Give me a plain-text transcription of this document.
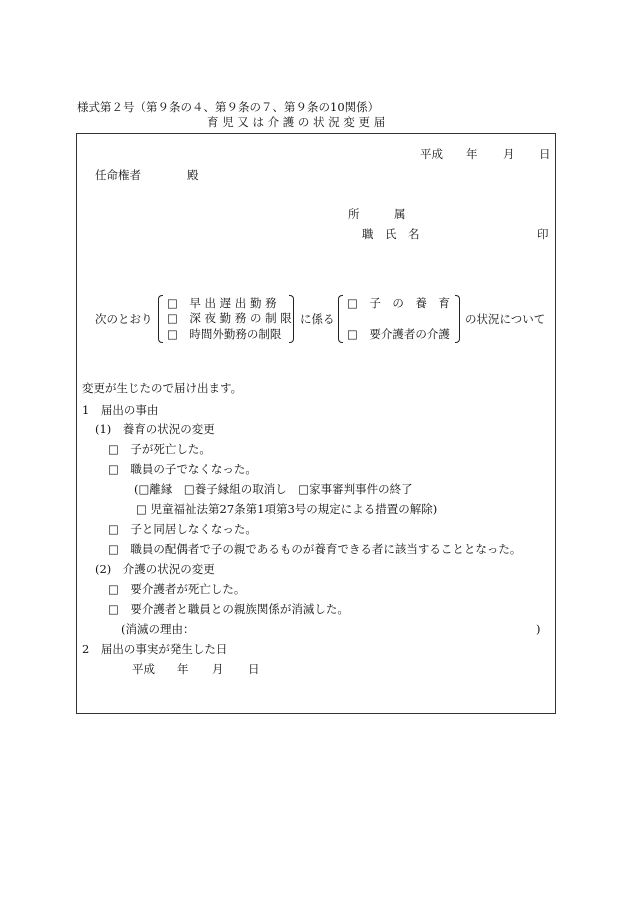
様式第２号（第９条の４、第９条の７、第９条の10関係）
育 児 又 は 介 護 の 状 況 変 更 届
平成 年 月 日
任命権者	殿
所　　　属
職　氏　名	印
次のとおり
□　早 出 遅 出 勤 務
□　深 夜 勤 務 の 制 限
□　時間外勤務の制限
に係る
□　子　の　養　育
□　要介護者の介護
の状況について
変更が生じたので届け出ます。
1　届出の事由
(1)　養育の状況の変更
□　子が死亡した。
□　職員の子でなくなった。
(□離縁　□養子縁組の取消し　□家事審判事件の終了
□ 児童福祉法第27条第1項第3号の規定による措置の解除)
□　子と同居しなくなった。
□　職員の配偶者で子の親であるものが養育できる者に該当することとなった。
(2)　介護の状況の変更
□　要介護者が死亡した。
□　要介護者と職員との親族関係が消滅した。
(消滅の理由：	)
2　届出の事実が発生した日
平成 年 月 日
